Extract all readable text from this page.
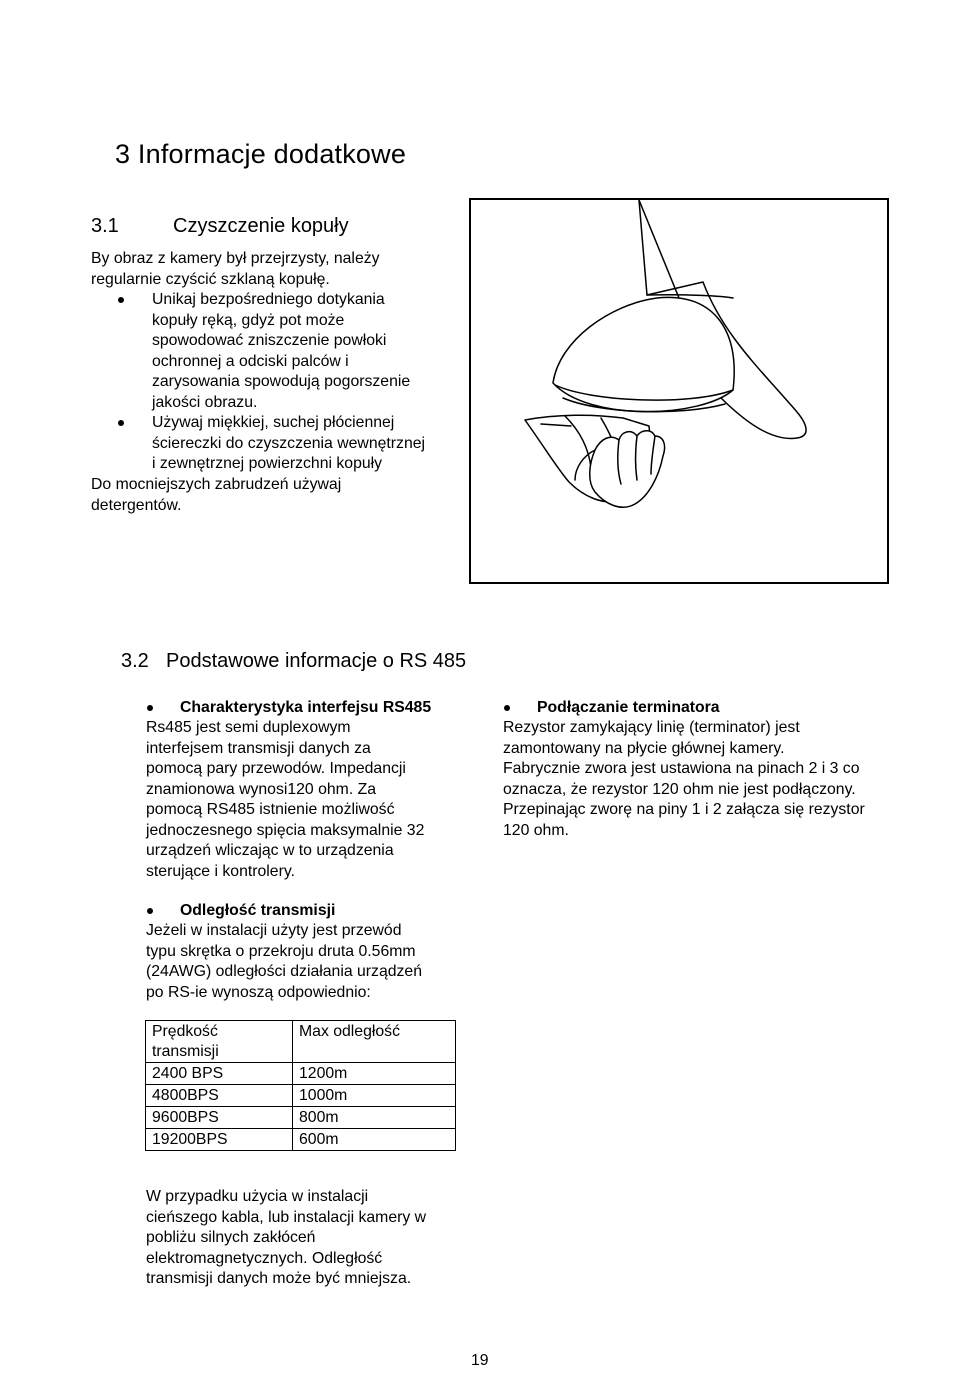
3 Informacje dodatkowe
3.1	Czyszczenie kopuły
By obraz z kamery był przejrzysty, należy
regularnie czyścić szklaną kopułę.
Unikaj bezpośredniego dotykania
kopuły ręką, gdyż pot może
spowodować zniszczenie powłoki
ochronnej a odciski palców i
zarysowania spowodują pogorszenie
jakości obrazu.
Używaj miękkiej, suchej płóciennej
ściereczki do czyszczenia wewnętrznej
i zewnętrznej powierzchni kopuły
Do mocniejszych zabrudzeń używaj
detergentów.
3.2 Podstawowe informacje o RS 485
Charakterystyka interfejsu RS485
Rs485 jest semi duplexowym
interfejsem transmisji danych za
pomocą pary przewodów. Impedancji
znamionowa wynosi120 ohm. Za
pomocą RS485 istnienie możliwość
jednoczesnego spięcia maksymalnie 32
urządzeń wliczając w to urządzenia
sterujące i kontrolery.
Podłączanie terminatora
Rezystor zamykający linię (terminator) jest
zamontowany na płycie głównej kamery.
Fabrycznie zwora jest ustawiona na pinach 2 i 3 co
oznacza, że rezystor 120 ohm nie jest podłączony.
Przepinając zworę na piny 1 i 2 załącza się rezystor
120 ohm.
Odległość transmisji
Jeżeli w instalacji użyty jest przewód
typu skrętka o przekroju druta 0.56mm
(24AWG) odległości działania urządzeń
po RS-ie wynoszą odpowiednio:
Prędkość
transmisji	Max odległość
2400 BPS	1200m
4800BPS	1000m
9600BPS	800m
19200BPS	600m
W przypadku użycia w instalacji
cieńszego kabla, lub instalacji kamery w
pobliżu silnych zakłóceń
elektromagnetycznych. Odległość
transmisji danych może być mniejsza.
19
